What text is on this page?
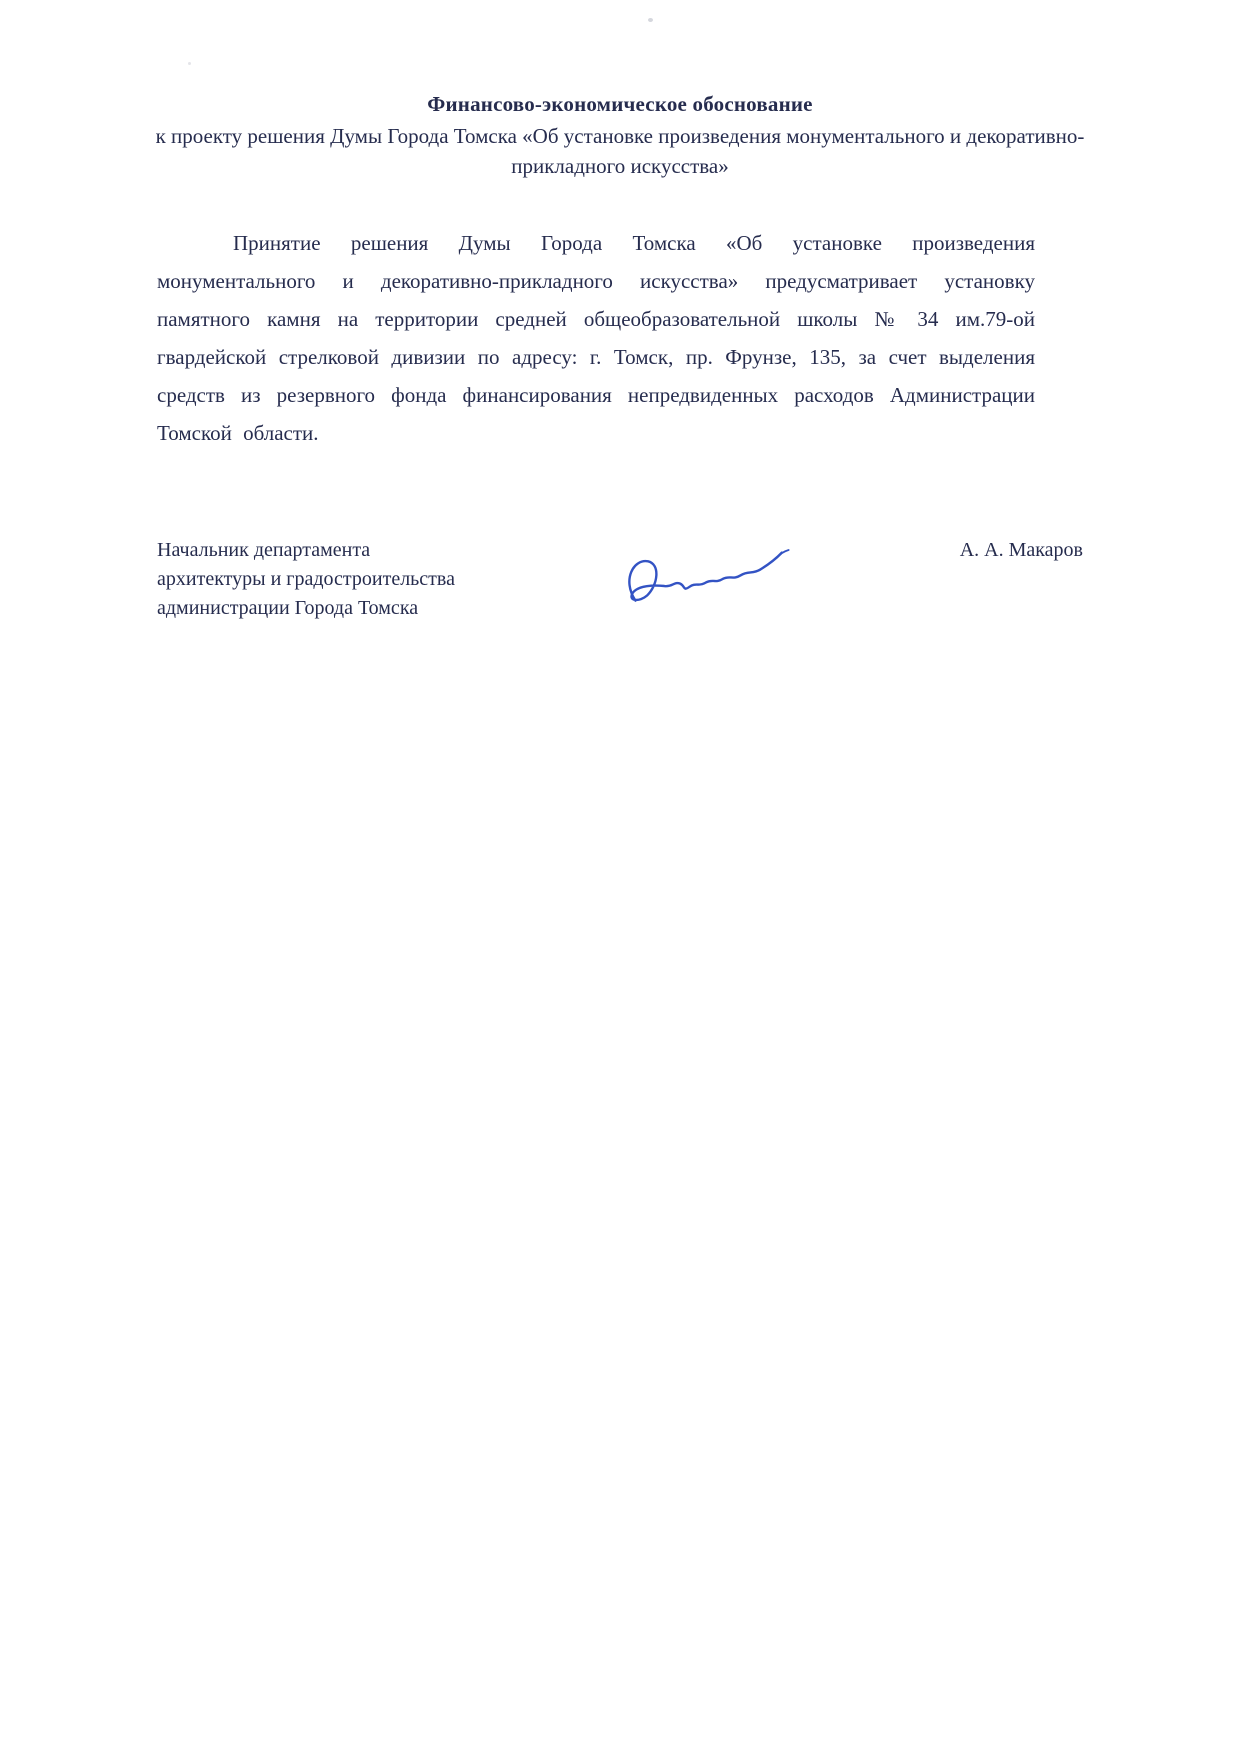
Финансово-экономическое обоснование
к проекту решения Думы Города Томска «Об установке произведения монументального и декоративно-прикладного искусства»

Принятие решения Думы Города Томска «Об установке произведения монументального и декоративно-прикладного искусства» предусматривает установку памятного камня на территории средней общеобразовательной школы № 34 им.79-ой гвардейской стрелковой дивизии по адресу: г. Томск, пр. Фрунзе, 135, за счет выделения средств из резервного фонда финансирования непредвиденных расходов Администрации Томской области.

Начальник департамента
архитектуры и градостроительства
администрации Города Томска
А. А. Макаров
